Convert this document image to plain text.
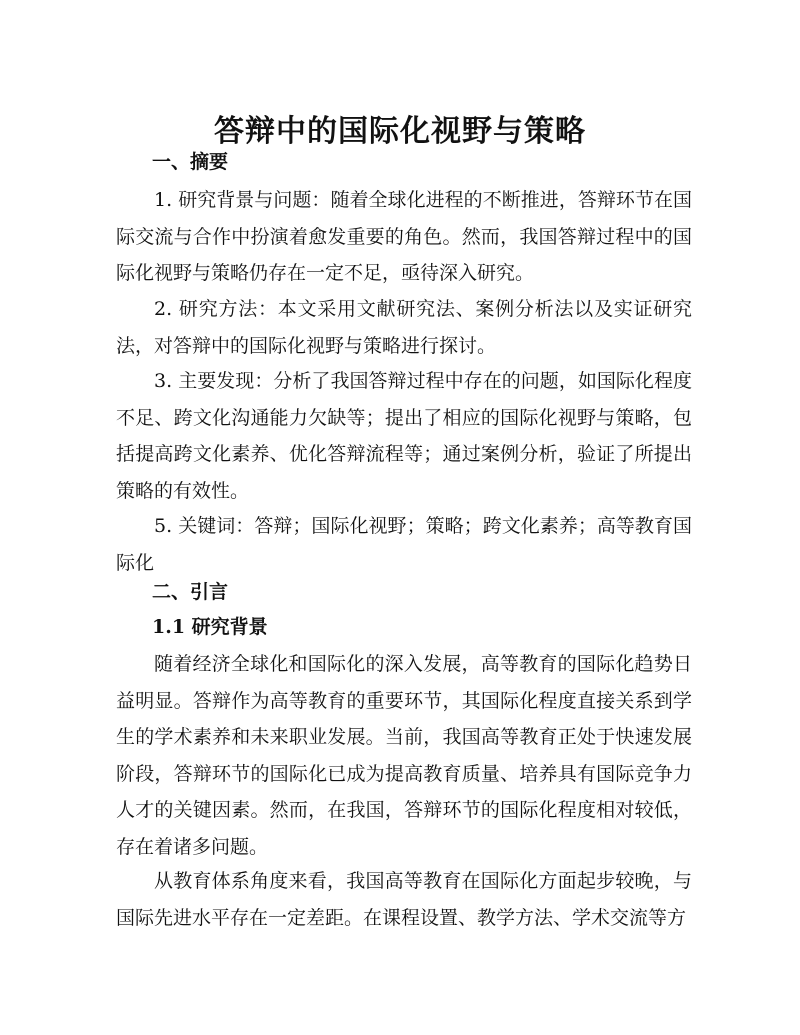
答辩中的国际化视野与策略
一、摘要

1. 研究背景与问题：随着全球化进程的不断推进，答辩环节在国际交流与合作中扮演着愈发重要的角色。然而，我国答辩过程中的国际化视野与策略仍存在一定不足，亟待深入研究。

2. 研究方法：本文采用文献研究法、案例分析法以及实证研究法，对答辩中的国际化视野与策略进行探讨。

3. 主要发现：分析了我国答辩过程中存在的问题，如国际化程度不足、跨文化沟通能力欠缺等；提出了相应的国际化视野与策略，包括提高跨文化素养、优化答辩流程等；通过案例分析，验证了所提出策略的有效性。

5. 关键词：答辩；国际化视野；策略；跨文化素养；高等教育国际化

二、引言
1.1 研究背景

随着经济全球化和国际化的深入发展，高等教育的国际化趋势日益明显。答辩作为高等教育的重要环节，其国际化程度直接关系到学生的学术素养和未来职业发展。当前，我国高等教育正处于快速发展阶段，答辩环节的国际化已成为提高教育质量、培养具有国际竞争力人才的关键因素。然而，在我国，答辩环节的国际化程度相对较低，存在着诸多问题。

从教育体系角度来看，我国高等教育在国际化方面起步较晚，与国际先进水平存在一定差距。在课程设置、教学方法、学术交流等方
